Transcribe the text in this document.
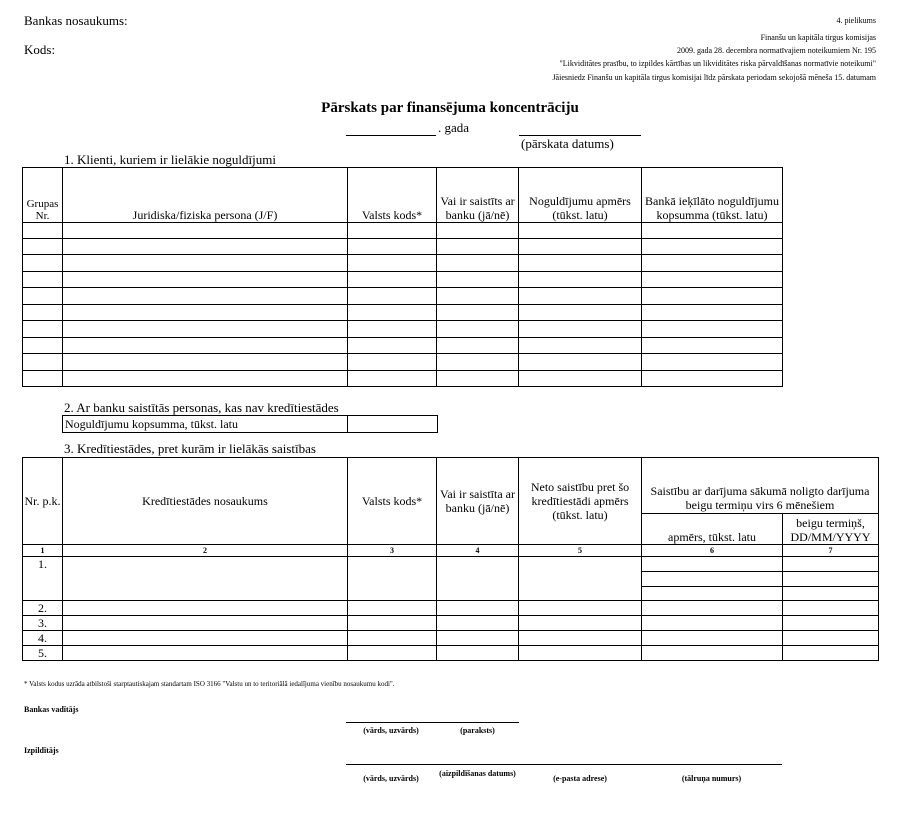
Bankas nosaukums:
Kods:
4. pielikums
Finanšu un kapitāla tirgus komisijas
2009. gada 28. decembra normatīvajiem noteikumiem Nr. 195
"Likviditātes prasību, to izpildes kārtības un likviditātes riska pārvaldīšanas normatīvie noteikumi"
Jāiesniedz Finanšu un kapitāla tirgus komisijai līdz pārskata periodam sekojošā mēneša 15. datumam
Pārskats par finansējuma koncentrāciju
. gada
(pārskata datums)
1. Klienti, kuriem ir lielākie noguldījumi
Grupas Nr.	Juridiska/fiziska persona (J/F)	Valsts kods*	Vai ir saistīts ar banku (jā/nē)	Noguldījumu apmērs (tūkst. latu)	Bankā ieķīlāto noguldījumu kopsumma (tūkst. latu)

2. Ar banku saistītās personas, kas nav kredītiestādes
Noguldījumu kopsumma, tūkst. latu	
3. Kredītiestādes, pret kurām ir lielākās saistības
Nr. p.k.	Kredītiestādes nosaukums	Valsts kods*	Vai ir saistīta ar banku (jā/nē)	Neto saistību pret šo kredītiestādi apmērs (tūkst. latu)	Saistību ar darījuma sākumā noligto darījuma beigu termiņu virs 6 mēnešiem	
					apmērs, tūkst. latu	beigu termiņš, DD/MM/YYYY
1	2	3	4	5	6	7
1.						

2.						
3.						
4.						
5.						
* Valsts kodus uzrāda atbilstoši starptautiskajam standartam ISO 3166 "Valstu un to teritoriālā iedalījuma vienību nosaukumu kodi".
Bankas vadītājs
(vārds, uzvārds)	(paraksts)
Izpildītājs
(vārds, uzvārds)
(aizpildīšanas datums)
(e-pasta adrese)	(tālruņa numurs)
